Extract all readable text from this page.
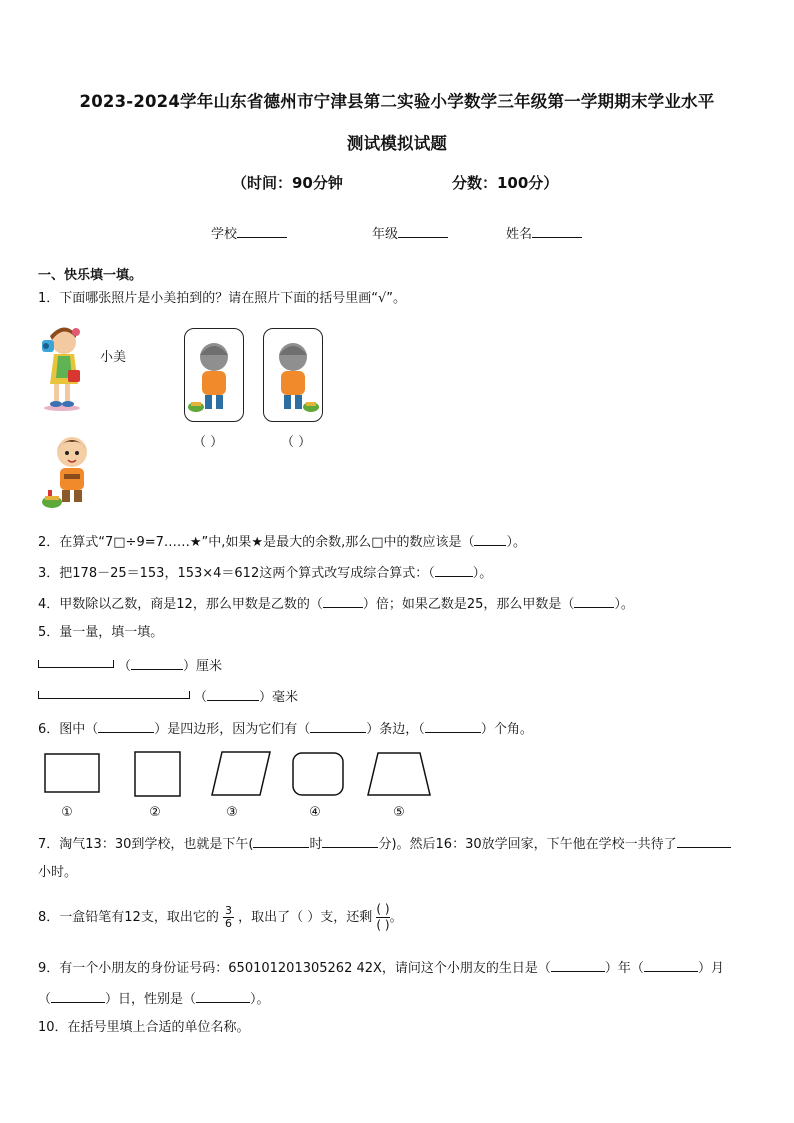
2023-2024学年山东省德州市宁津县第二实验小学数学三年级第一学期期末学业水平
测试模拟试题
（时间：90分钟	分数：100分）
学校	年级	姓名
一、快乐填一填。
1．下面哪张照片是小美拍到的？请在照片下面的括号里画“√”。
小美
（ ）	（ ）
2．在算式“7□÷9=7……★”中,如果★是最大的余数,那么□中的数应该是（ ）。
3．把178－25＝153，153×4＝612这两个算式改写成综合算式：（	）。
4．甲数除以乙数，商是12，那么甲数是乙数的（	）倍；如果乙数是25，那么甲数是（	）。
5．量一量，填一填。
（	）厘米
（	）毫米
6．图中（	）是四边形，因为它们有（	）条边，（	）个角。
①	②	③	④	⑤
7．淘气13：30到学校，也就是下午(	时	分)。然后16：30放学回家，下午他在学校一共待了
小时。
8．一盒铅笔有12支，取出它的 $\frac{3}{6}$ ，取出了（ ）支，还剩 $\frac{( )}{( )}$ 。
9．有一个小朋友的身份证号码：650101201305262 42X，请问这个小朋友的生日是（	）年（	）月
（	）日，性别是（	）。
10．在括号里填上合适的单位名称。
